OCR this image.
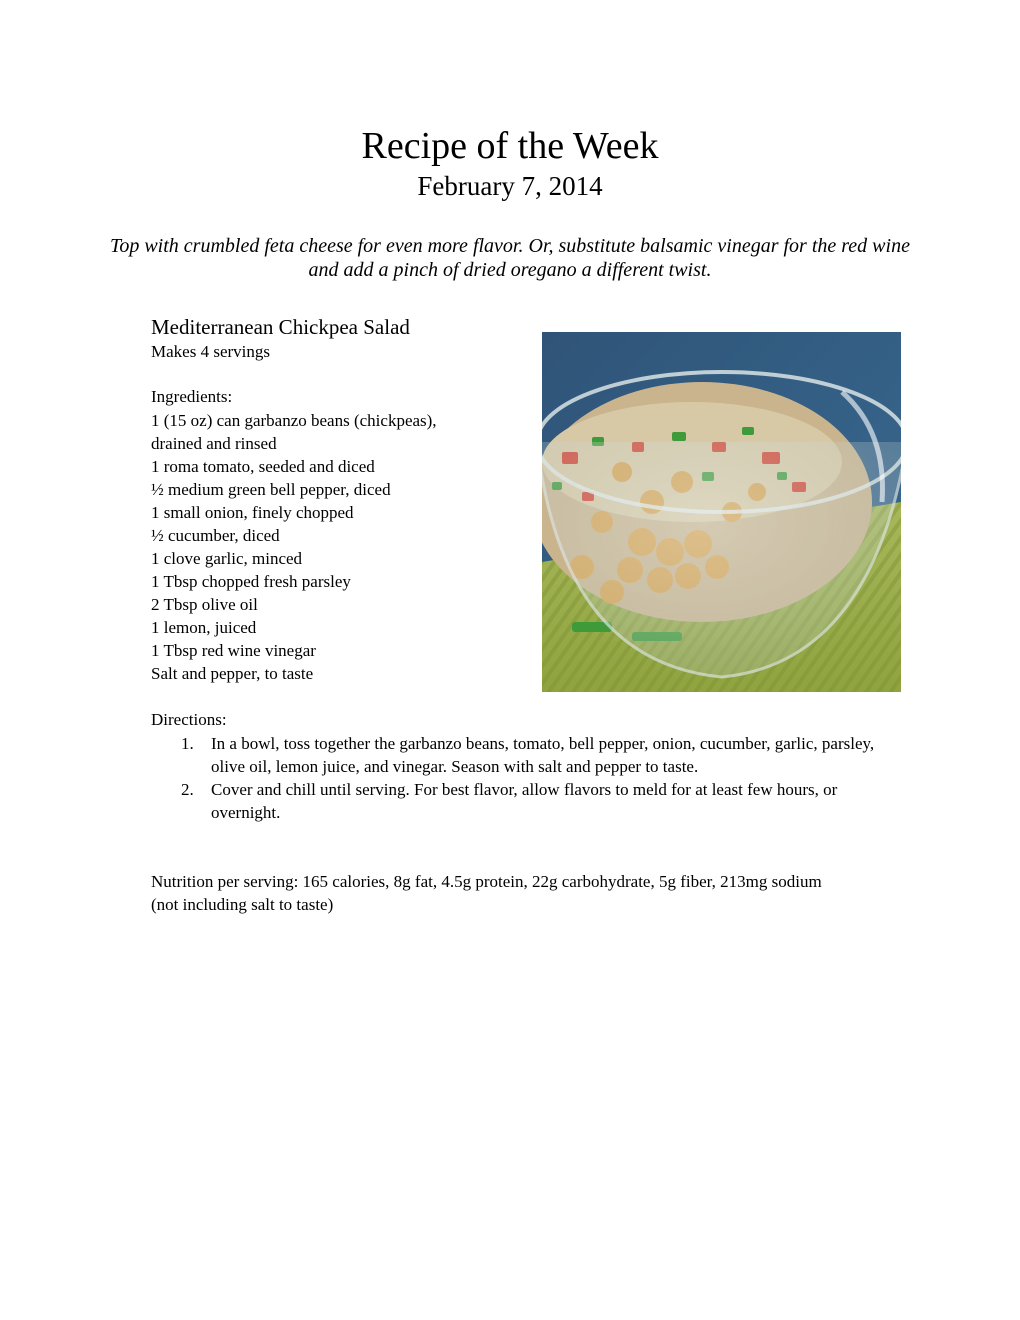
Recipe of the Week
February 7, 2014

Top with crumbled feta cheese for even more flavor. Or, substitute balsamic vinegar for the red wine and add a pinch of dried oregano a different twist.

Mediterranean Chickpea Salad
Makes 4 servings
Ingredients:
1 (15 oz) can garbanzo beans (chickpeas),
drained and rinsed
1 roma tomato, seeded and diced
½ medium green bell pepper, diced
1 small onion, finely chopped
½ cucumber, diced
1 clove garlic, minced
1 Tbsp chopped fresh parsley
2 Tbsp olive oil
1 lemon, juiced
1 Tbsp red wine vinegar
Salt and pepper, to taste
Directions:
1. In a bowl, toss together the garbanzo beans, tomato, bell pepper, onion, cucumber, garlic, parsley, olive oil, lemon juice, and vinegar. Season with salt and pepper to taste.
2. Cover and chill until serving. For best flavor, allow flavors to meld for at least few hours, or overnight.

Nutrition per serving: 165 calories, 8g fat, 4.5g protein, 22g carbohydrate, 5g fiber, 213mg sodium (not including salt to taste)
